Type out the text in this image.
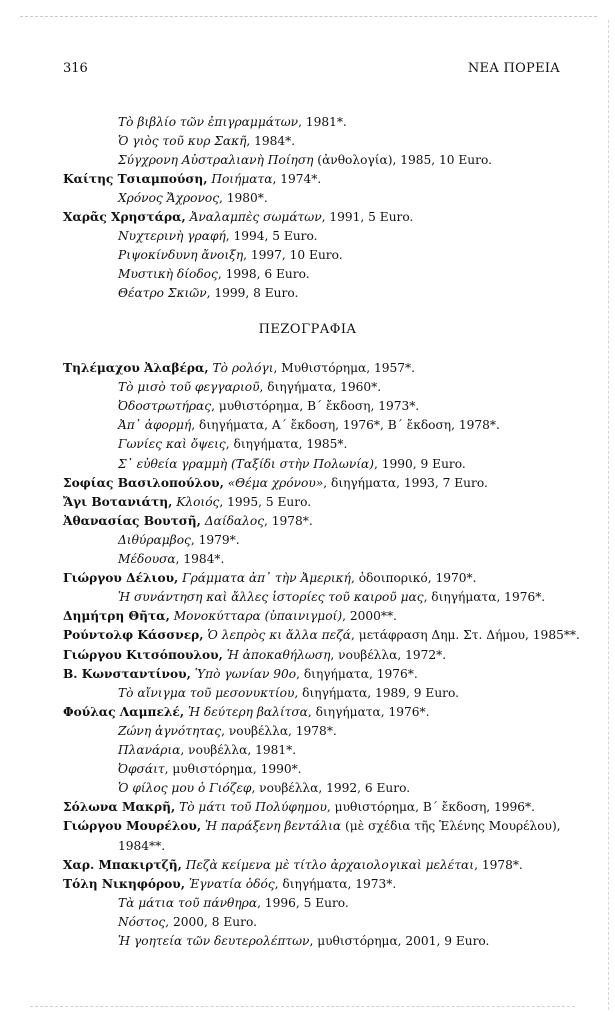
316	ΝΕΑ ΠΟΡΕΙΑ
Τὸ βιβλίο τῶν ἐπιγραμμάτων, 1981*.
Ὁ γιὸς τοῦ κυρ Σακῆ, 1984*.
Σύγχρονη Αὐστραλιανὴ Ποίηση (ἀνθολογία), 1985, 10 Euro.
Καίτης Τσιαμπούση, Ποιήματα, 1974*.
Χρόνος Ἄχρονος, 1980*.
Χαρᾶς Χρηστάρα, Ἀναλαμπὲς σωμάτων, 1991, 5 Euro.
Νυχτερινὴ γραφή, 1994, 5 Euro.
Ριψοκίνδυνη ἄνοιξη, 1997, 10 Euro.
Μυστικὴ δίοδος, 1998, 6 Euro.
Θέατρο Σκιῶν, 1999, 8 Euro.
ΠΕΖΟΓΡΑΦΙΑ
Τηλέμαχου Ἀλαβέρα, Τὸ ρολόγι, Μυθιστόρημα, 1957*.
Τὸ μισὸ τοῦ φεγγαριοῦ, διηγήματα, 1960*.
Ὀδοστρωτήρας, μυθιστόρημα, Β΄ ἔκδοση, 1973*.
Ἀπ᾽ ἀφορμή, διηγήματα, Α΄ ἔκδοση, 1976*, Β΄ ἔκδοση, 1978*.
Γωνίες καὶ ὄψεις, διηγήματα, 1985*.
Σ᾽ εὐθεία γραμμὴ (Ταξίδι στὴν Πολωνία), 1990, 9 Euro.
Σοφίας Βασιλοπούλου, «Θέμα χρόνου», διηγήματα, 1993, 7 Euro.
Ἄγι Βοτανιάτη, Κλοιός, 1995, 5 Euro.
Ἀθανασίας Βουτσῆ, Δαίδαλος, 1978*.
Διθύραμβος, 1979*.
Μέδουσα, 1984*.
Γιώργου Δέλιου, Γράμματα ἀπ᾽ τὴν Ἀμερική, ὁδοιπορικό, 1970*.
Ἡ συνάντηση καὶ ἄλλες ἱστορίες τοῦ καιροῦ μας, διηγήματα, 1976*.
Δημήτρη Θῆτα, Μονοκύτταρα (ὑπαινιγμοί), 2000**.
Ρούντολφ Κάσσνερ, Ὁ λεπρὸς κι ἄλλα πεζά, μετάφραση Δημ. Στ. Δήμου, 1985**.
Γιώργου Κιτσόπουλου, Ἡ ἀποκαθήλωση, νουβέλλα, 1972*.
Β. Κωνσταντίνου, Ὑπὸ γωνίαν 90ο, διηγήματα, 1976*.
Τὸ αἴνιγμα τοῦ μεσονυκτίου, διηγήματα, 1989, 9 Euro.
Φούλας Λαμπελέ, Ἡ δεύτερη βαλίτσα, διηγήματα, 1976*.
Ζώνη ἀγνότητας, νουβέλλα, 1978*.
Πλανάρια, νουβέλλα, 1981*.
Ὀφσάιτ, μυθιστόρημα, 1990*.
Ὁ φίλος μου ὁ Γιόζεφ, νουβέλλα, 1992, 6 Euro.
Σόλωνα Μακρῆ, Τὸ μάτι τοῦ Πολύφημου, μυθιστόρημα, Β΄ ἔκδοση, 1996*.
Γιώργου Μουρέλου, Ἡ παράξενη βεντάλια (μὲ σχέδια τῆς Ἑλένης Μουρέλου),
1984**.
Χαρ. Μπακιρτζῆ, Πεζὰ κείμενα μὲ τίτλο ἀρχαιολογικαὶ μελέται, 1978*.
Τόλη Νικηφόρου, Ἐγνατία ὁδός, διηγήματα, 1973*.
Τὰ μάτια τοῦ πάνθηρα, 1996, 5 Euro.
Νόστος, 2000, 8 Euro.
Ἡ γοητεία τῶν δευτερολέπτων, μυθιστόρημα, 2001, 9 Euro.
